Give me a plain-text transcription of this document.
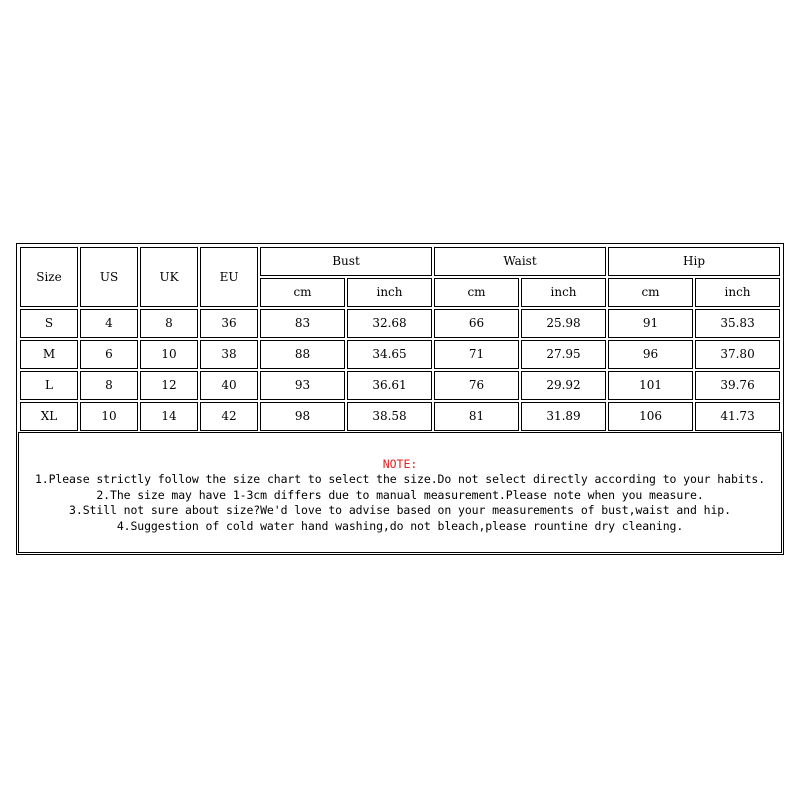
Size	US	UK	EU	Bust		Waist		Hip	
				cm	inch	cm	inch	cm	inch
S	4	8	36	83	32.68	66	25.98	91	35.83
M	6	10	38	88	34.65	71	27.95	96	37.80
L	8	12	40	93	36.61	76	29.92	101	39.76
XL	10	14	42	98	38.58	81	31.89	106	41.73
NOTE:
1.Please strictly follow the size chart to select the size.Do not select directly according to your habits.
2.The size may have 1-3cm differs due to manual measurement.Please note when you measure.
3.Still not sure about size?We'd love to advise based on your measurements of bust,waist and hip.
4.Suggestion of cold water hand washing,do not bleach,please rountine dry cleaning.
